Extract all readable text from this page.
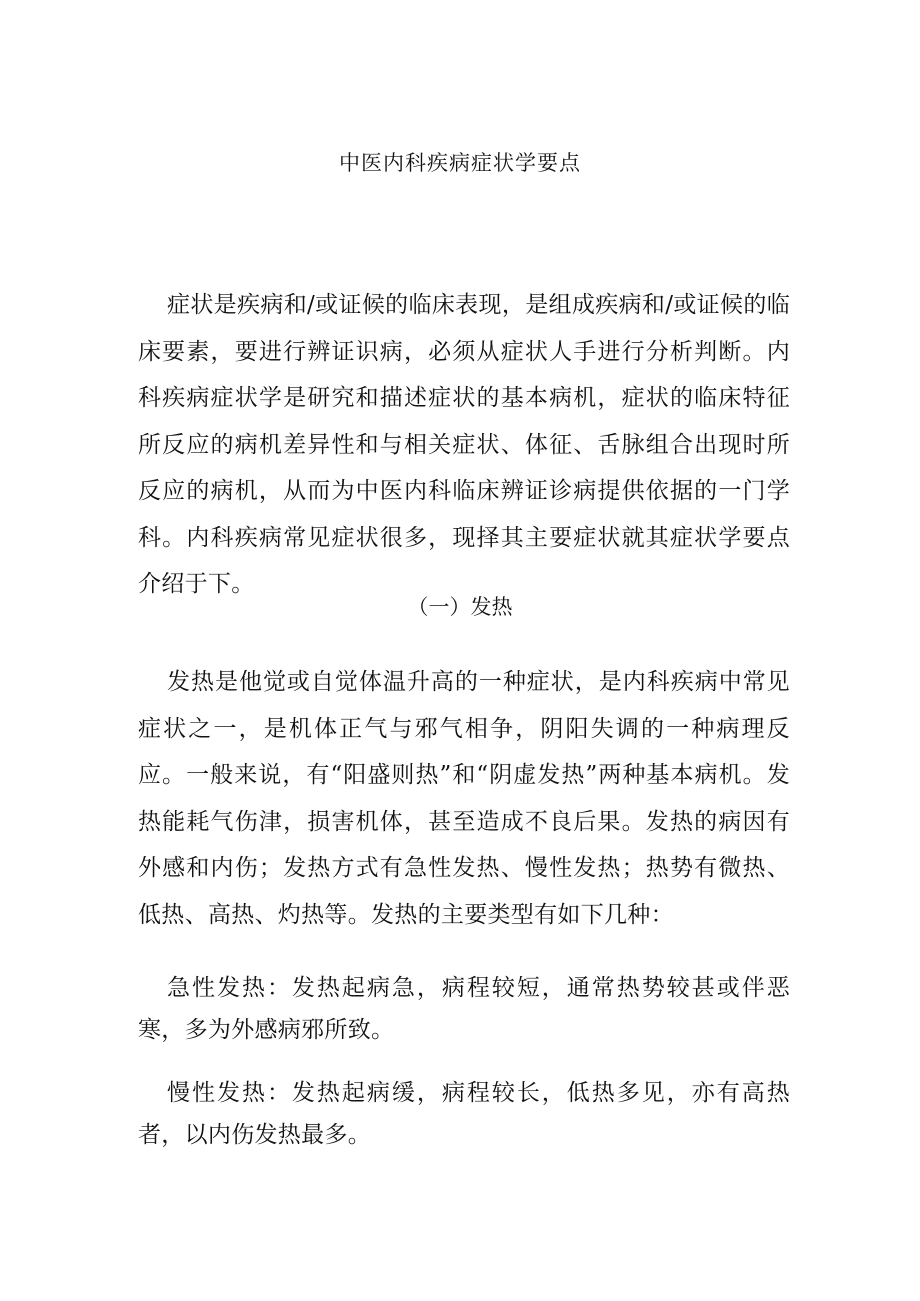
中医内科疾病症状学要点

症状是疾病和/或证候的临床表现，是组成疾病和/或证候的临床要素，要进行辨证识病，必须从症状人手进行分析判断。内科疾病症状学是研究和描述症状的基本病机，症状的临床特征所反应的病机差异性和与相关症状、体征、舌脉组合出现时所反应的病机，从而为中医内科临床辨证诊病提供依据的一门学科。内科疾病常见症状很多，现择其主要症状就其症状学要点介绍于下。

（一）发热

发热是他觉或自觉体温升高的一种症状，是内科疾病中常见症状之一，是机体正气与邪气相争，阴阳失调的一种病理反应。一般来说，有“阳盛则热”和“阴虚发热”两种基本病机。发热能耗气伤津，损害机体，甚至造成不良后果。发热的病因有外感和内伤；发热方式有急性发热、慢性发热；热势有微热、低热、高热、灼热等。发热的主要类型有如下几种：

急性发热：发热起病急，病程较短，通常热势较甚或伴恶寒，多为外感病邪所致。

慢性发热：发热起病缓，病程较长，低热多见，亦有高热者，以内伤发热最多。
